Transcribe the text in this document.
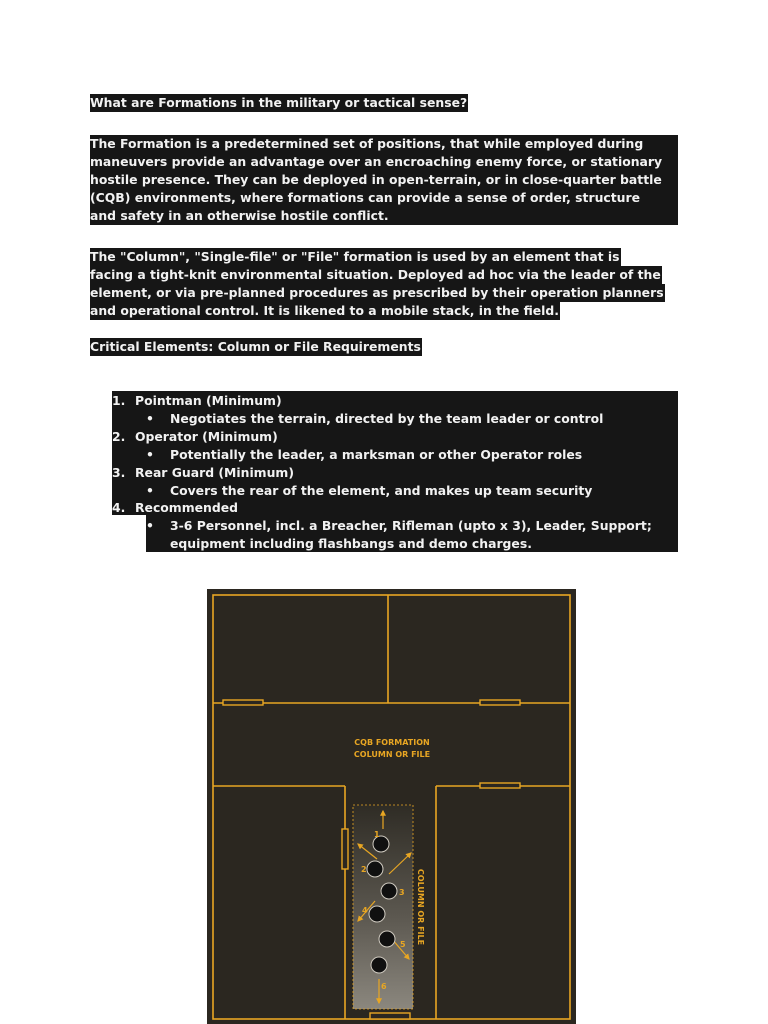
What are Formations in the military or tactical sense?
The Formation is a predetermined set of positions, that while employed during
maneuvers provide an advantage over an encroaching enemy force, or stationary
hostile presence. They can be deployed in open-terrain, or in close-quarter battle
(CQB) environments, where formations can provide a sense of order, structure
and safety in an otherwise hostile conflict.
The "Column", "Single-file" or "File" formation is used by an element that is
facing a tight-knit environmental situation. Deployed ad hoc via the leader of the
element, or via pre-planned procedures as prescribed by their operation planners
and operational control. It is likened to a mobile stack, in the field.
Critical Elements: Column or File Requirements
1. Pointman (Minimum)
• Negotiates the terrain, directed by the team leader or control
2. Operator (Minimum)
• Potentially the leader, a marksman or other Operator roles
3. Rear Guard (Minimum)
• Covers the rear of the element, and makes up team security
4. Recommended
• 3-6 Personnel, incl. a Breacher, Rifleman (upto x 3), Leader, Support;
equipment including flashbangs and demo charges.
1
2
3
4
5
6
CQB FORMATION
COLUMN OR FILE
COLUMN OR FILE
